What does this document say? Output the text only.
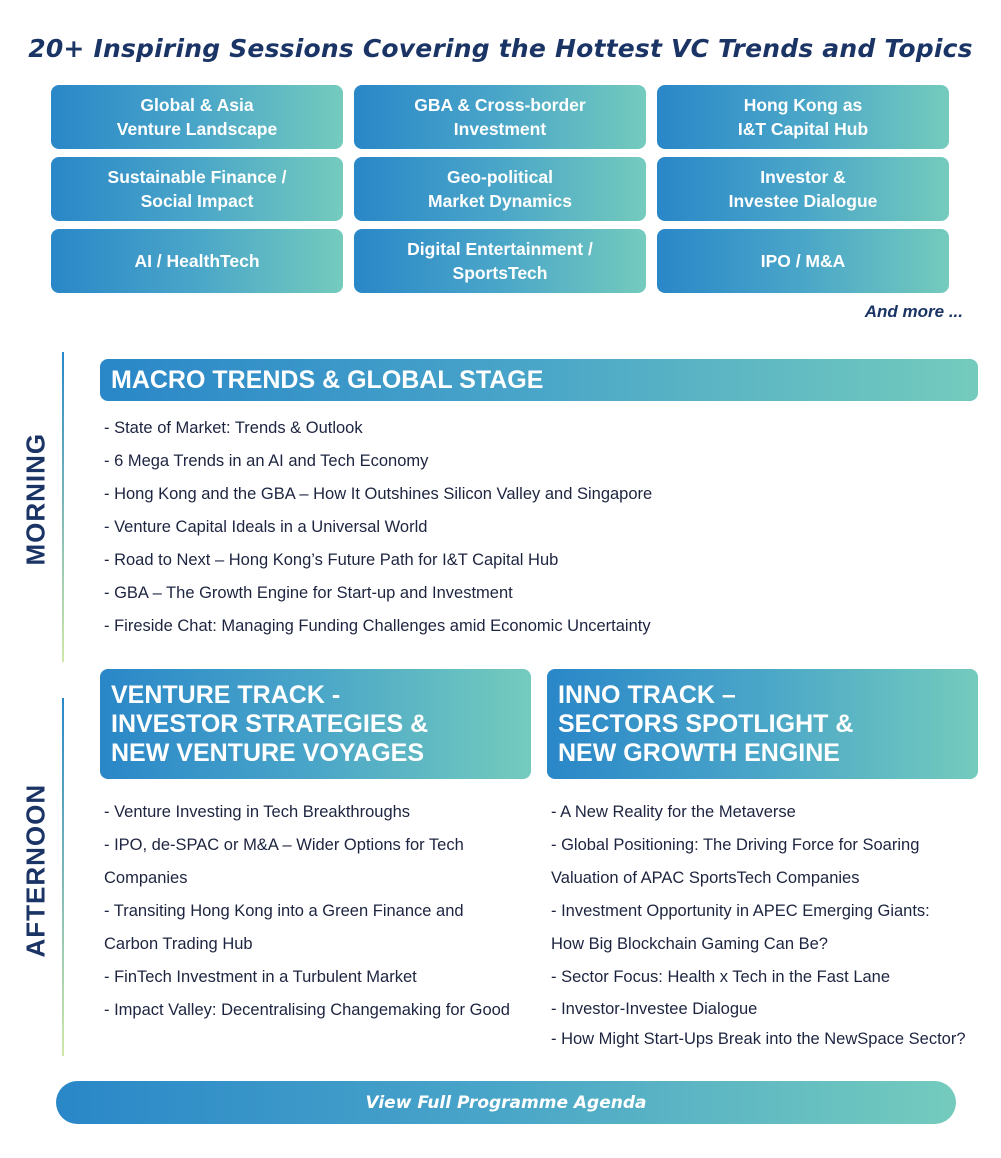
20+ Inspiring Sessions Covering the Hottest VC Trends and Topics
Global & Asia
Venture Landscape
GBA & Cross-border
Investment
Hong Kong as
I&T Capital Hub
Sustainable Finance /
Social Impact
Geo-political
Market Dynamics
Investor &
Investee Dialogue
AI / HealthTech
Digital Entertainment /
SportsTech
IPO / M&A
And more ...
MORNING
MACRO TRENDS & GLOBAL STAGE
- State of Market: Trends & Outlook
- 6 Mega Trends in an AI and Tech Economy
- Hong Kong and the GBA – How It Outshines Silicon Valley and Singapore
- Venture Capital Ideals in a Universal World
- Road to Next – Hong Kong’s Future Path for I&T Capital Hub
- GBA – The Growth Engine for Start-up and Investment
- Fireside Chat: Managing Funding Challenges amid Economic Uncertainty
AFTERNOON
VENTURE TRACK -
INVESTOR STRATEGIES &
NEW VENTURE VOYAGES
INNO TRACK –
SECTORS SPOTLIGHT &
NEW GROWTH ENGINE
- Venture Investing in Tech Breakthroughs
- IPO, de-SPAC or M&A – Wider Options for Tech
Companies
- Transiting Hong Kong into a Green Finance and
Carbon Trading Hub
- FinTech Investment in a Turbulent Market
- Impact Valley: Decentralising Changemaking for Good
- A New Reality for the Metaverse
- Global Positioning: The Driving Force for Soaring
Valuation of APAC SportsTech Companies
- Investment Opportunity in APEC Emerging Giants:
How Big Blockchain Gaming Can Be?
- Sector Focus: Health x Tech in the Fast Lane
- Investor-Investee Dialogue
- How Might Start-Ups Break into the NewSpace Sector?
View Full Programme Agenda
